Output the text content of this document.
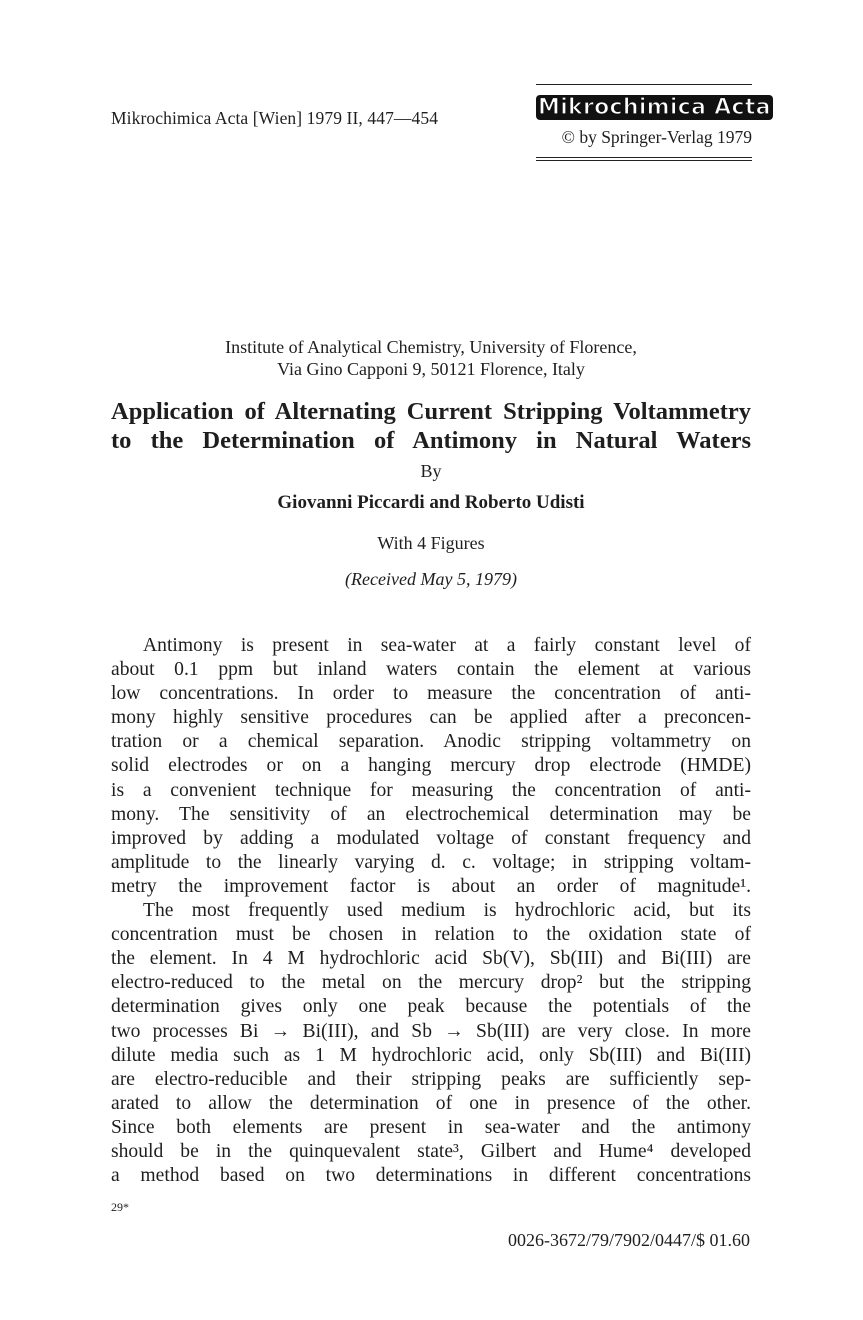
Mikrochimica Acta [Wien] 1979 II, 447—454	Mikrochimica Acta
© by Springer-Verlag 1979
Institute of Analytical Chemistry, University of Florence,
Via Gino Capponi 9, 50121 Florence, Italy
Application of Alternating Current Stripping Voltammetry
to the Determination of Antimony in Natural Waters
By
Giovanni Piccardi and Roberto Udisti
With 4 Figures
(Received May 5, 1979)
Antimony is present in sea-water at a fairly constant level of
about 0.1 ppm but inland waters contain the element at various
low concentrations. In order to measure the concentration of anti-
mony highly sensitive procedures can be applied after a preconcen-
tration or a chemical separation. Anodic stripping voltammetry on
solid electrodes or on a hanging mercury drop electrode (HMDE)
is a convenient technique for measuring the concentration of anti-
mony. The sensitivity of an electrochemical determination may be
improved by adding a modulated voltage of constant frequency and
amplitude to the linearly varying d. c. voltage; in stripping voltam-
metry the improvement factor is about an order of magnitude¹.
The most frequently used medium is hydrochloric acid, but its
concentration must be chosen in relation to the oxidation state of
the element. In 4 M hydrochloric acid Sb(V), Sb(III) and Bi(III) are
electro-reduced to the metal on the mercury drop² but the stripping
determination gives only one peak because the potentials of the
two processes Bi → Bi(III), and Sb → Sb(III) are very close. In more
dilute media such as 1 M hydrochloric acid, only Sb(III) and Bi(III)
are electro-reducible and their stripping peaks are sufficiently sep-
arated to allow the determination of one in presence of the other.
Since both elements are present in sea-water and the antimony
should be in the quinquevalent state³, Gilbert and Hume⁴ developed
a method based on two determinations in different concentrations
29*
0026-3672/79/7902/0447/$ 01.60
